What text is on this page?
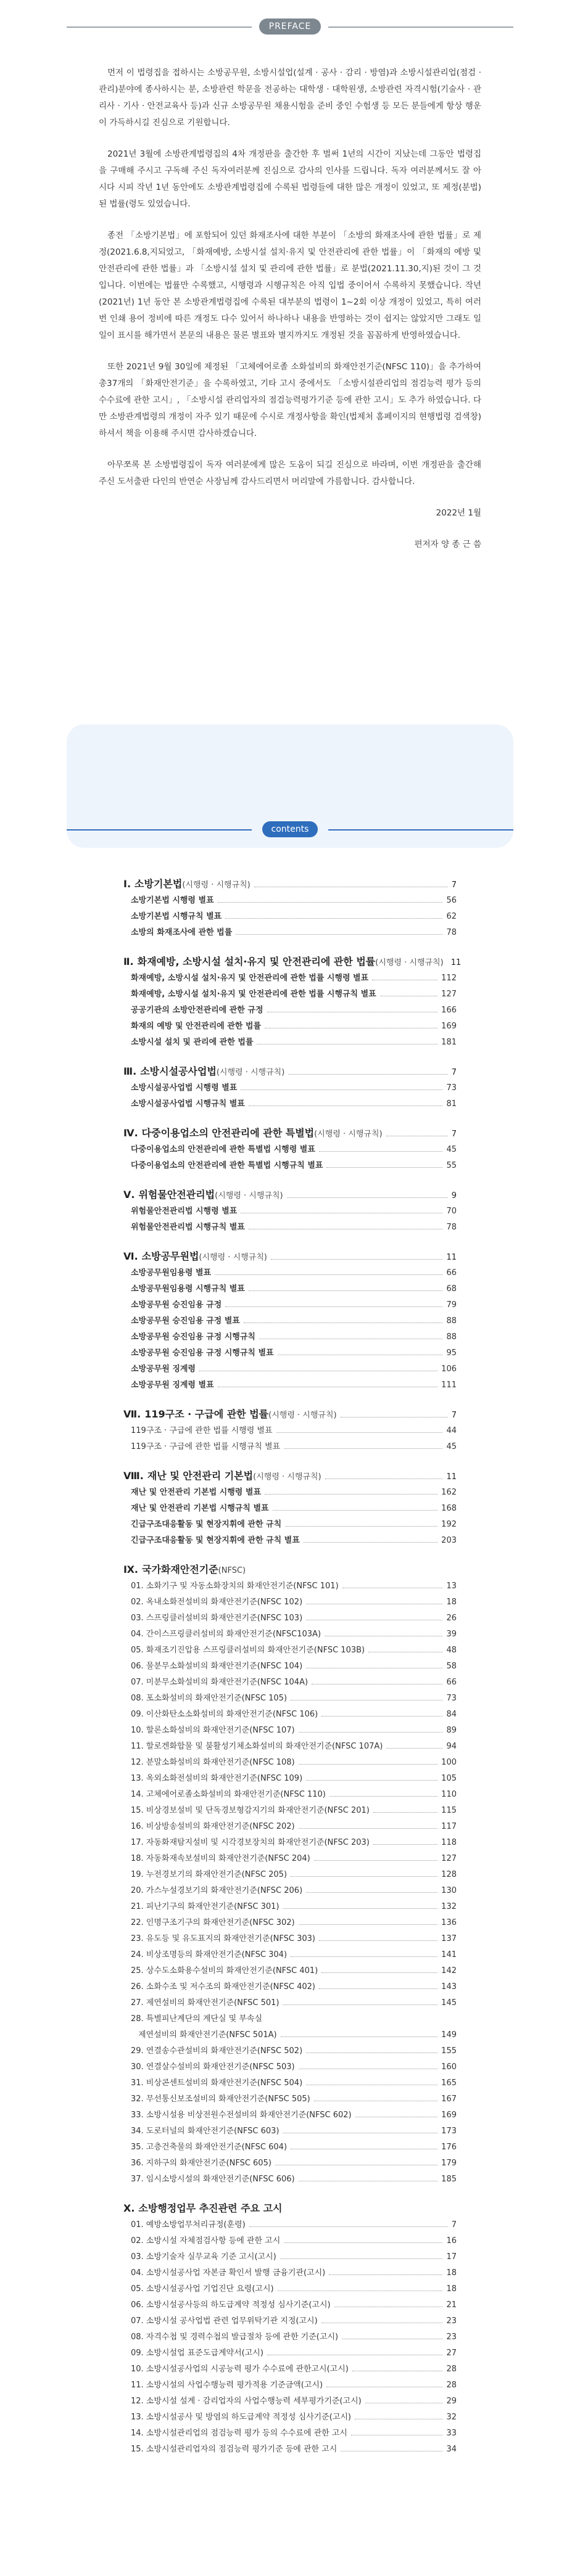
PREFACE

먼저 이 법령집을 접하시는 소방공무원, 소방시설업(설계 · 공사 · 감리 · 방염)과 소방시설관리업(점검 · 관리)분야에 종사하시는 분, 소방관련 학문을 전공하는 대학생 · 대학원생, 소방관련 자격시험(기술사 · 관리사 · 기사 · 안전교육사 등)과 신규 소방공무원 채용시험을 준비 중인 수험생 등 모든 분들에게 항상 행운이 가득하시길 진심으로 기원합니다.

2021년 3월에 소방관계법령집의 4차 개정판을 출간한 후 벌써 1년의 시간이 지났는데 그동안 법령집을 구매해 주시고 구독해 주신 독자여러분께 진심으로 감사의 인사를 드립니다. 독자 여러분께서도 잘 아시다 시피 작년 1년 동안에도 소방관계법령집에 수록된 법령들에 대한 많은 개정이 있었고, 또 제정(분법)된 법률(령도 있었습니다.

종전 「소방기본법」에 포함되어 있던 화재조사에 대한 부분이 「소방의 화재조사에 관한 법률」로 제정(2021.6.8,지되었고, 「화재예방, 소방시설 설치·유지 및 안전관리에 관한 법률」이 「화재의 예방 및 안전관리에 관한 법률」과 「소방시설 설치 및 관리에 관한 법률」로 분법(2021.11.30,지)된 것이 그 것입니다. 이번에는 법률만 수록했고, 시행령과 시행규칙은 아직 입법 중이어서 수록하지 못했습니다. 작년(2021년) 1년 동안 본 소방관계법령집에 수록된 대부분의 법령이 1~2회 이상 개정이 있었고, 특히 여러번 인쇄 용어 정비에 따른 개정도 다수 있어서 하나하나 내용을 반영하는 것이 쉽지는 않았지만 그래도 일일이 표시를 해가면서 본문의 내용은 물론 별표와 별지까지도 개정된 것을 꼼꼼하게 반영하였습니다.

또한 2021년 9월 30일에 제정된 「고체에어로졸 소화설비의 화재안전기준(NFSC 110)」을 추가하여 총37개의 「화재안전기준」을 수록하였고, 기타 고시 중에서도 「소방시설관리업의 점검능력 평가 등의 수수료에 관한 고시」, 「소방시설 관리업자의 점검능력평가기준 등에 관한 고시」도 추가 하였습니다. 다만 소방관계법령의 개정이 자주 있기 때문에 수시로 개정사항을 확인(법제처 홈페이지의 현행법령 검색창)하셔서 책을 이용해 주시면 감사하겠습니다.

아무쪼록 본 소방법령집이 독자 여러분에게 많은 도움이 되길 진심으로 바라며, 이번 개정판을 출간해 주신 도서출판 다인의 반연순 사장님께 감사드리면서 머리말에 가름합니다. 감사합니다.

2022년 1월

편저자 양 종 근 씀

contents
Ⅰ. 소방기본법 (시행령 · 시행규칙)	7
소방기본법 시행령 별표	56
소방기본법 시행규칙 별표	62
소방의 화재조사에 관한 법률	78
Ⅱ. 화재예방, 소방시설 설치·유지 및 안전관리에 관한 법률 (시행령 · 시행규칙) 11
화재예방, 소방시설 설치·유지 및 안전관리에 관한 법률 시행령 별표	112
화재예방, 소방시설 설치·유지 및 안전관리에 관한 법률 시행규칙 별표	127
공공기관의 소방안전관리에 관한 규정	166
화재의 예방 및 안전관리에 관한 법률	169
소방시설 설치 및 관리에 관한 법률	181
Ⅲ. 소방시설공사업법 (시행령 · 시행규칙)	7
소방시설공사업법 시행령 별표	73
소방시설공사업법 시행규칙 별표	81
Ⅳ. 다중이용업소의 안전관리에 관한 특별법 (시행령 · 시행규칙)	7
다중이용업소의 안전관리에 관한 특별법 시행령 별표	45
다중이용업소의 안전관리에 관한 특별법 시행규칙 별표	55
Ⅴ. 위험물안전관리법 (시행령 · 시행규칙)	9
위험물안전관리법 시행령 별표	70
위험물안전관리법 시행규칙 별표	78
Ⅵ. 소방공무원법 (시행령 · 시행규칙)	11
소방공무원임용령 별표	66
소방공무원임용령 시행규칙 별표	68
소방공무원 승진임용 규정	79
소방공무원 승진임용 규정 별표	88
소방공무원 승진임용 규정 시행규칙	88
소방공무원 승진임용 규정 시행규칙 별표	95
소방공무원 징계령	106
소방공무원 징계령 별표	111
Ⅶ. 119구조 · 구급에 관한 법률 (시행령 · 시행규칙)	7
119구조 · 구급에 관한 법률 시행령 별표	44
119구조 · 구급에 관한 법률 시행규칙 별표	45
Ⅷ. 재난 및 안전관리 기본법 (시행령 · 시행규칙)	11
재난 및 안전관리 기본법 시행령 별표	162
재난 및 안전관리 기본법 시행규칙 별표	168
긴급구조대응활동 및 현장지휘에 관한 규칙	192
긴급구조대응활동 및 현장지휘에 관한 규칙 별표	203
Ⅸ. 국가화재안전기준 (NFSC)
01. 소화기구 및 자동소화장치의 화재안전기준(NFSC 101)	13
02. 옥내소화전설비의 화재안전기준(NFSC 102)	18
03. 스프링클러설비의 화재안전기준(NFSC 103)	26
04. 간이스프링클러설비의 화재안전기준(NFSC103A)	39
05. 화재조기진압용 스프링클러설비의 화재안전기준(NFSC 103B)	48
06. 물분무소화설비의 화재안전기준(NFSC 104)	58
07. 미분무소화설비의 화재안전기준(NFSC 104A)	66
08. 포소화설비의 화재안전기준(NFSC 105)	73
09. 이산화탄소소화설비의 화재안전기준(NFSC 106)	84
10. 할론소화설비의 화재안전기준(NFSC 107)	89
11. 할로겐화합물 및 불활성기체소화설비의 화재안전기준(NFSC 107A)	94
12. 분말소화설비의 화재안전기준(NFSC 108)	100
13. 옥외소화전설비의 화재안전기준(NFSC 109)	105
14. 고체에어로졸소화설비의 화재안전기준(NFSC 110)	110
15. 비상경보설비 및 단독경보형감지기의 화재안전기준(NFSC 201)	115
16. 비상방송설비의 화재안전기준(NFSC 202)	117
17. 자동화재탐지설비 및 시각경보장치의 화재안전기준(NFSC 203)	118
18. 자동화재속보설비의 화재안전기준(NFSC 204)	127
19. 누전경보기의 화재안전기준(NFSC 205)	128
20. 가스누설경보기의 화재안전기준(NFSC 206)	130
21. 피난기구의 화재안전기준(NFSC 301)	132
22. 인명구조기구의 화재안전기준(NFSC 302)	136
23. 유도등 및 유도표지의 화재안전기준(NFSC 303)	137
24. 비상조명등의 화재안전기준(NFSC 304)	141
25. 상수도소화용수설비의 화재안전기준(NFSC 401)	142
26. 소화수조 및 저수조의 화재안전기준(NFSC 402)	143
27. 제연설비의 화재안전기준(NFSC 501)	145
28. 특별피난계단의 계단실 및 부속실
제연설비의 화재안전기준(NFSC 501A)	149
29. 연결송수관설비의 화재안전기준(NFSC 502)	155
30. 연결살수설비의 화재안전기준(NFSC 503)	160
31. 비상콘센트설비의 화재안전기준(NFSC 504)	165
32. 무선통신보조설비의 화재안전기준(NFSC 505)	167
33. 소방시설용 비상전원수전설비의 화재안전기준(NFSC 602)	169
34. 도로터널의 화재안전기준(NFSC 603)	173
35. 고층건축물의 화재안전기준(NFSC 604)	176
36. 지하구의 화재안전기준(NFSC 605)	179
37. 임시소방시설의 화재안전기준(NFSC 606)	185
Ⅹ. 소방행정업무 추진관련 주요 고시
01. 예방소방업무처리규정(훈령)	7
02. 소방시설 자체점검사항 등에 관한 고시	16
03. 소방기술자 실무교육 기준 고시(고시)	17
04. 소방시설공사업 자본금 확인서 발행 금융기관(고시)	18
05. 소방시설공사업 기업진단 요령(고시)	18
06. 소방시설공사등의 하도급계약 적정성 심사기준(고시)	21
07. 소방시설 공사업법 관련 업무위탁기관 지정(고시)	23
08. 자격수첩 및 경력수첩의 발급절차 등에 관한 기준(고시)	23
09. 소방시설업 표준도급계약서(고시)	27
10. 소방시설공사업의 시공능력 평가 수수료에 관한고시(고시)	28
11. 소방시설의 사업수행능력 평가적용 기준금액(고시)	28
12. 소방시설 설계 · 감리업자의 사업수행능력 세부평가기준(고시)	29
13. 소방시설공사 및 방염의 하도급계약 적정성 심사기준(고시)	32
14. 소방시설관리업의 점검능력 평가 등의 수수료에 관한 고시	33
15. 소방시설관리업자의 점검능력 평가기준 등에 관한 고시	34
